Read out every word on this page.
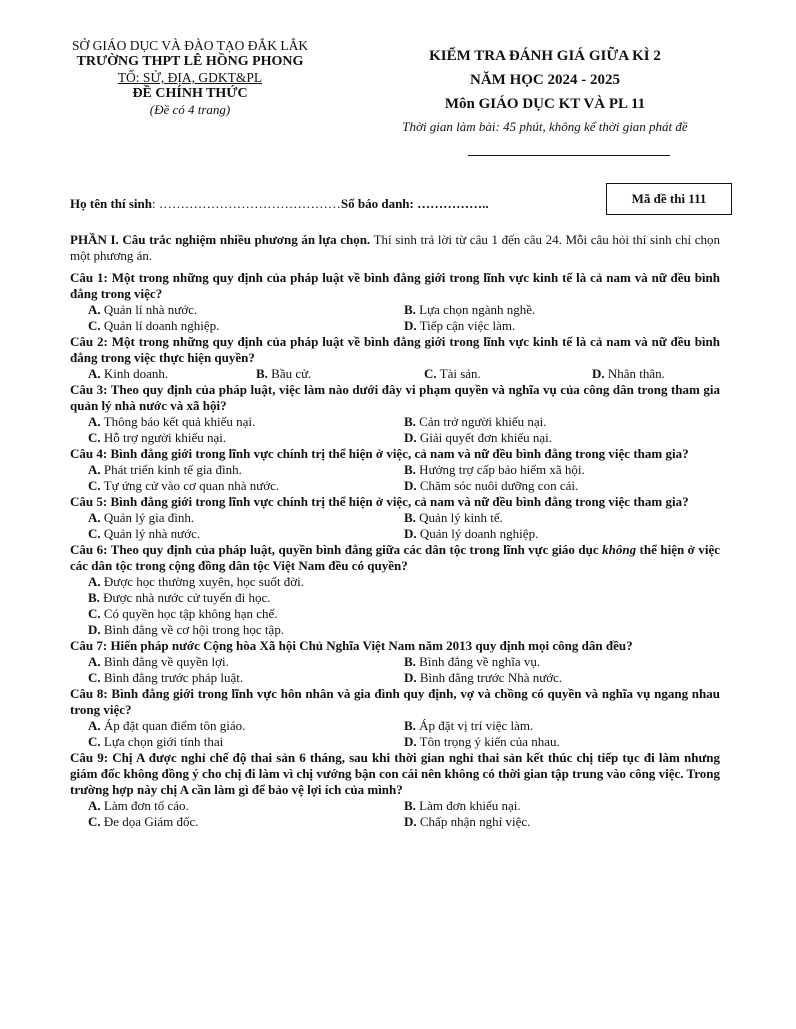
SỞ GIÁO DỤC VÀ ĐÀO TẠO ĐẮK LẮK
TRƯỜNG THPT LÊ HỒNG PHONG
TỔ: SỬ, ĐỊA, GDKT&PL
ĐỀ CHÍNH THỨC
(Đề có 4 trang)
KIỂM TRA ĐÁNH GIÁ GIỮA KÌ 2
NĂM HỌC 2024 - 2025
Môn GIÁO DỤC KT VÀ PL 11
Thời gian làm bài: 45 phút, không kể thời gian phát đề
Họ tên thí sinh: ……………………………………Số báo danh: ……………..	Mã đề thi 111
PHẦN I. Câu trắc nghiệm nhiều phương án lựa chọn. Thí sinh trả lời từ câu 1 đến câu 24. Mỗi câu hỏi thí sinh chỉ chọn một phương án.
Câu 1: Một trong những quy định của pháp luật về bình đẳng giới trong lĩnh vực kinh tế là cả nam và nữ đều bình đẳng trong việc?
A. Quản lí nhà nước.	B. Lựa chọn ngành nghề.
C. Quản lí doanh nghiệp.	D. Tiếp cận việc làm.
Câu 2: Một trong những quy định của pháp luật về bình đẳng giới trong lĩnh vực kinh tế là cả nam và nữ đều bình đẳng trong việc thực hiện quyền?
A. Kinh doanh.	B. Bầu cử.	C. Tài sản.	D. Nhân thân.
Câu 3: Theo quy định của pháp luật, việc làm nào dưới đây vi phạm quyền và nghĩa vụ của công dân trong tham gia quản lý nhà nước và xã hội?
A. Thông báo kết quả khiếu nại.	B. Cản trở người khiếu nại.
C. Hỗ trợ người khiếu nại.	D. Giải quyết đơn khiếu nại.
Câu 4: Bình đẳng giới trong lĩnh vực chính trị thể hiện ở việc, cả nam và nữ đều bình đẳng trong việc tham gia?
A. Phát triển kinh tế gia đình.	B. Hưởng trợ cấp bảo hiểm xã hội.
C. Tự ứng cử vào cơ quan nhà nước.	D. Chăm sóc nuôi dưỡng con cái.
Câu 5: Bình đẳng giới trong lĩnh vực chính trị thể hiện ở việc, cả nam và nữ đều bình đẳng trong việc tham gia?
A. Quản lý gia đình.	B. Quản lý kinh tế.
C. Quản lý nhà nước.	D. Quản lý doanh nghiệp.
Câu 6: Theo quy định của pháp luật, quyền bình đẳng giữa các dân tộc trong lĩnh vực giáo dục không thể hiện ở việc các dân tộc trong cộng đồng dân tộc Việt Nam đều có quyền?
A. Được học thường xuyên, học suốt đời.
B. Được nhà nước cử tuyển đi học.
C. Có quyền học tập không hạn chế.
D. Bình đẳng về cơ hội trong học tập.
Câu 7: Hiến pháp nước Cộng hòa Xã hội Chủ Nghĩa Việt Nam năm 2013 quy định mọi công dân đều?
A. Bình đẳng về quyền lợi.	B. Bình đẳng về nghĩa vụ.
C. Bình đẳng trước pháp luật.	D. Bình đẳng trước Nhà nước.
Câu 8: Bình đẳng giới trong lĩnh vực hôn nhân và gia đình quy định, vợ và chồng có quyền và nghĩa vụ ngang nhau trong việc?
A. Áp đặt quan điểm tôn giáo.	B. Áp đặt vị trí việc làm.
C. Lựa chọn giới tính thai	D. Tôn trọng ý kiến của nhau.
Câu 9: Chị A được nghỉ chế độ thai sản 6 tháng, sau khi thời gian nghỉ thai sản kết thúc chị tiếp tục đi làm nhưng giám đốc không đồng ý cho chị đi làm vì chị vướng bận con cái nên không có thời gian tập trung vào công việc. Trong trường hợp này chị A cần làm gì để bảo vệ lợi ích của mình?
A. Làm đơn tố cáo.	B. Làm đơn khiếu nại.
C. Đe dọa Giám đốc.	D. Chấp nhận nghỉ việc.
